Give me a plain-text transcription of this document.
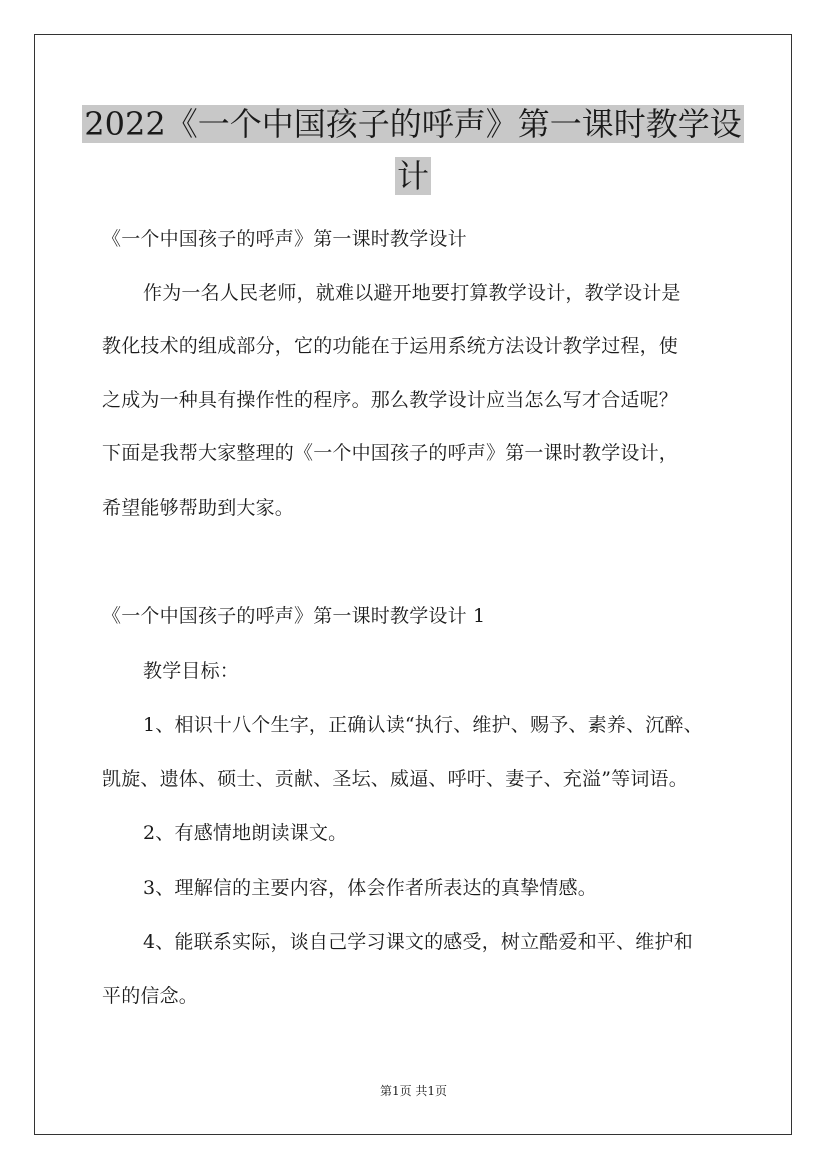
2022《一个中国孩子的呼声》第一课时教学设
计
《一个中国孩子的呼声》第一课时教学设计
作为一名人民老师，就难以避开地要打算教学设计，教学设计是
教化技术的组成部分，它的功能在于运用系统方法设计教学过程，使
之成为一种具有操作性的程序。那么教学设计应当怎么写才合适呢？
下面是我帮大家整理的《一个中国孩子的呼声》第一课时教学设计，
希望能够帮助到大家。
《一个中国孩子的呼声》第一课时教学设计 1
教学目标：
1、相识十八个生字，正确认读“执行、维护、赐予、素养、沉醉、
凯旋、遗体、硕士、贡献、圣坛、威逼、呼吁、妻子、充溢”等词语。
2、有感情地朗读课文。
3、理解信的主要内容，体会作者所表达的真挚情感。
4、能联系实际，谈自己学习课文的感受，树立酷爱和平、维护和
平的信念。
第1页 共1页
